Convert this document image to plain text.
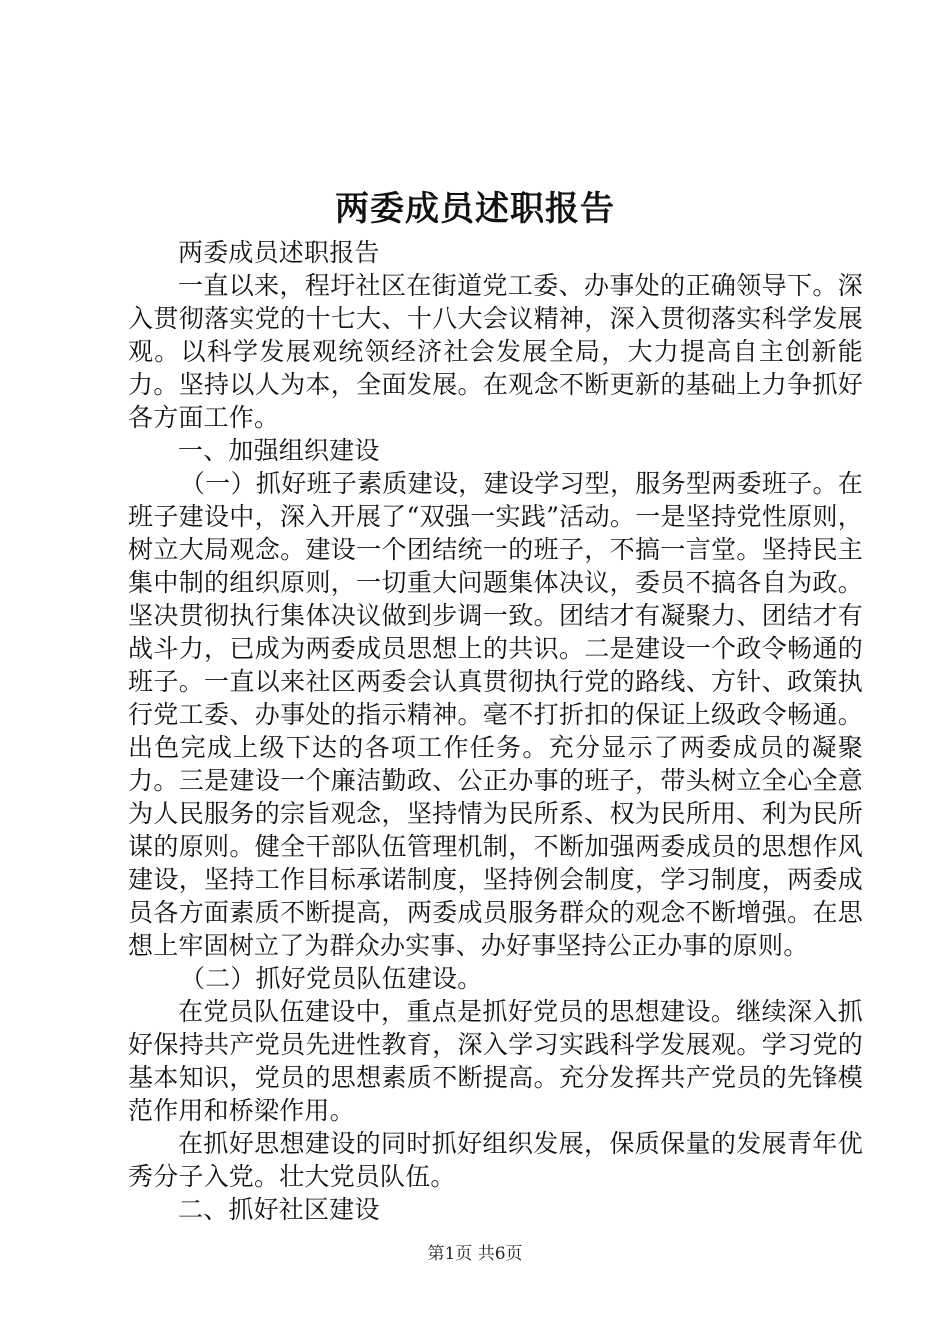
两委成员述职报告

两委成员述职报告

一直以来，程圩社区在街道党工委、办事处的正确领导下。深入贯彻落实党的十七大、十八大会议精神，深入贯彻落实科学发展观。以科学发展观统领经济社会发展全局，大力提高自主创新能力。坚持以人为本，全面发展。在观念不断更新的基础上力争抓好各方面工作。

一、加强组织建设

（一）抓好班子素质建设，建设学习型，服务型两委班子。在班子建设中，深入开展了“双强一实践”活动。一是坚持党性原则，树立大局观念。建设一个团结统一的班子，不搞一言堂。坚持民主集中制的组织原则，一切重大问题集体决议，委员不搞各自为政。坚决贯彻执行集体决议做到步调一致。团结才有凝聚力、团结才有战斗力，已成为两委成员思想上的共识。二是建设一个政令畅通的班子。一直以来社区两委会认真贯彻执行党的路线、方针、政策执行党工委、办事处的指示精神。毫不打折扣的保证上级政令畅通。出色完成上级下达的各项工作任务。充分显示了两委成员的凝聚力。三是建设一个廉洁勤政、公正办事的班子，带头树立全心全意为人民服务的宗旨观念，坚持情为民所系、权为民所用、利为民所谋的原则。健全干部队伍管理机制，不断加强两委成员的思想作风建设，坚持工作目标承诺制度，坚持例会制度，学习制度，两委成员各方面素质不断提高，两委成员服务群众的观念不断增强。在思想上牢固树立了为群众办实事、办好事坚持公正办事的原则。

（二）抓好党员队伍建设。

在党员队伍建设中，重点是抓好党员的思想建设。继续深入抓好保持共产党员先进性教育，深入学习实践科学发展观。学习党的基本知识，党员的思想素质不断提高。充分发挥共产党员的先锋模范作用和桥梁作用。

在抓好思想建设的同时抓好组织发展，保质保量的发展青年优秀分子入党。壮大党员队伍。

二、抓好社区建设

第1页 共6页
